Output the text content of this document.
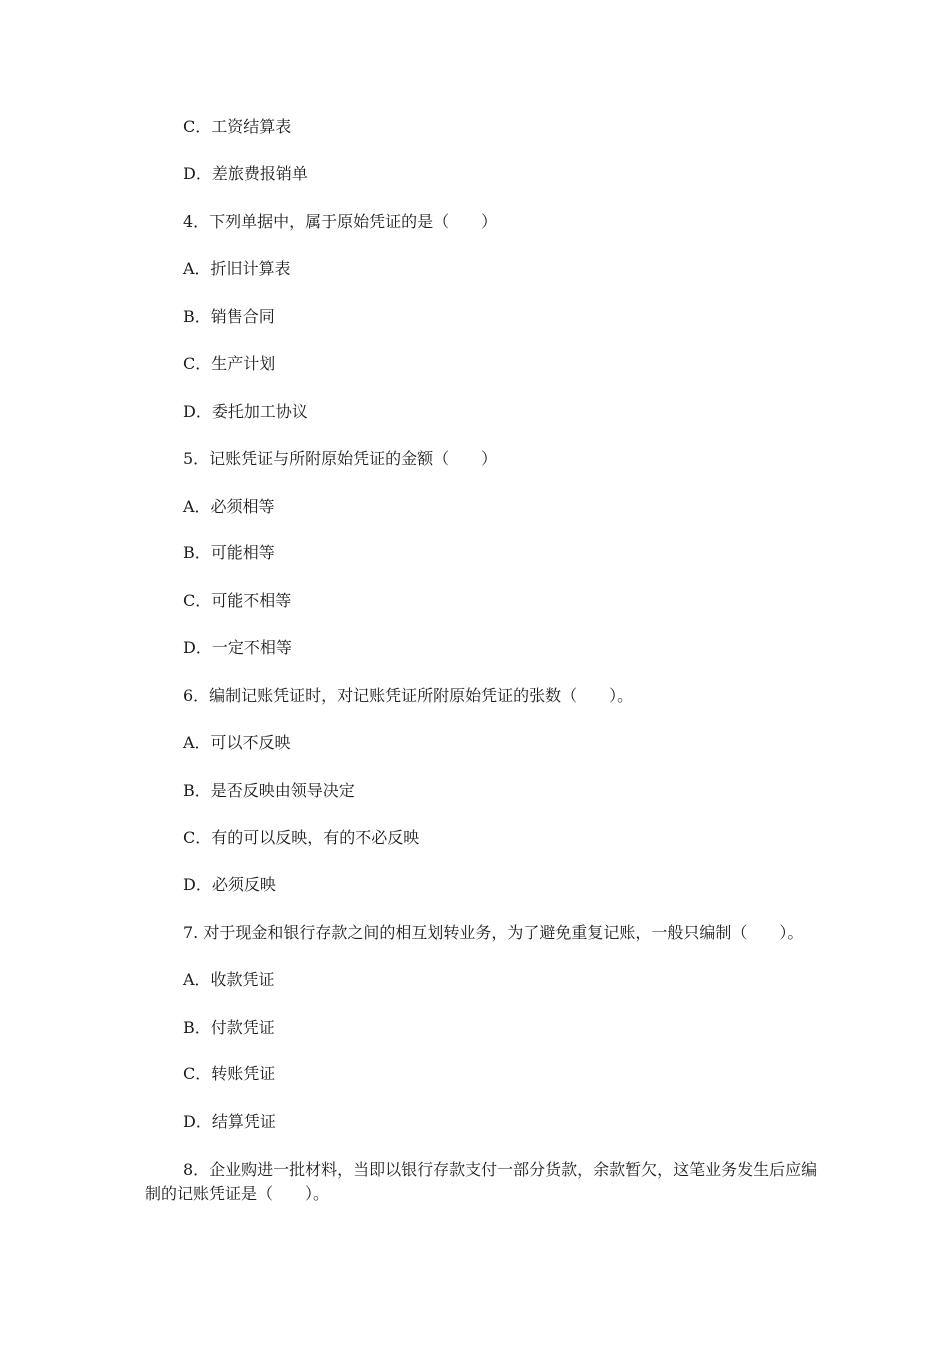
C．工资结算表
D．差旅费报销单
4．下列单据中，属于原始凭证的是（　　）
A．折旧计算表
B．销售合同
C．生产计划
D．委托加工协议
5．记账凭证与所附原始凭证的金额（　　）
A．必须相等
B．可能相等
C．可能不相等
D．一定不相等
6．编制记账凭证时，对记账凭证所附原始凭证的张数（　　）。
A．可以不反映
B．是否反映由领导决定
C．有的可以反映，有的不必反映
D．必须反映
7. 对于现金和银行存款之间的相互划转业务，为了避免重复记账，一般只编制（　　）。
A．收款凭证
B．付款凭证
C．转账凭证
D．结算凭证
8．企业购进一批材料，当即以银行存款支付一部分货款，余款暂欠，这笔业务发生后应编制的记账凭证是（　　）。
